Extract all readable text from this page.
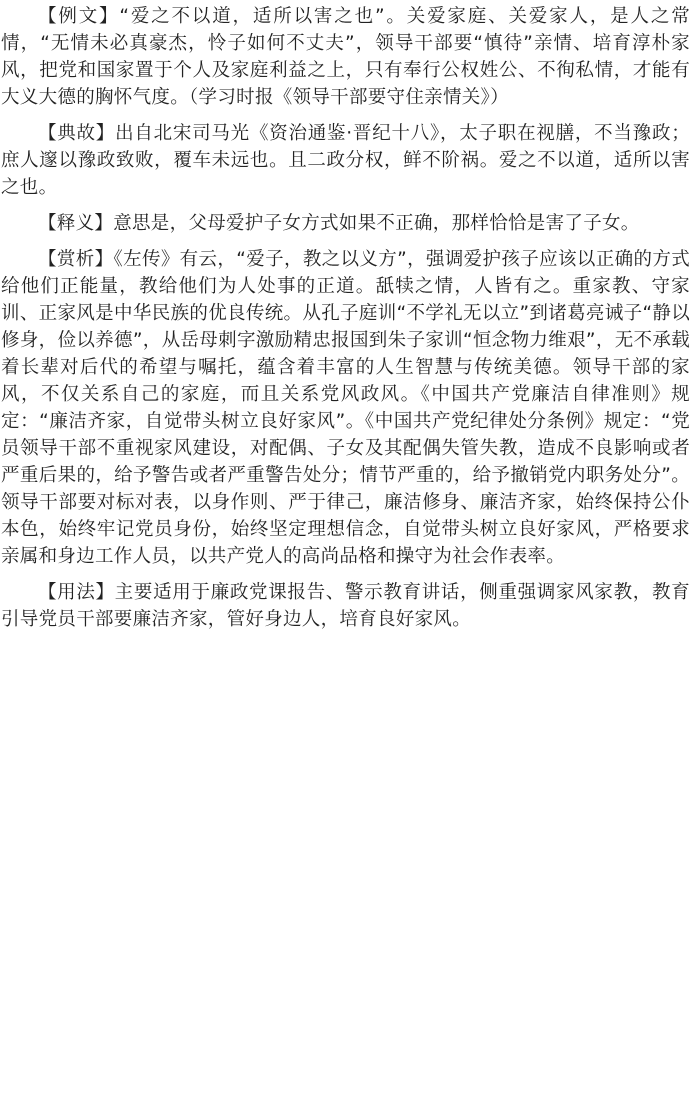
【例文】“爱之不以道，适所以害之也”。关爱家庭、关爱家人，是人之常情，“无情未必真豪杰，怜子如何不丈夫”，领导干部要“慎待”亲情、培育淳朴家风，把党和国家置于个人及家庭利益之上，只有奉行公权姓公、不徇私情，才能有大义大德的胸怀气度。（学习时报《领导干部要守住亲情关》）

【典故】出自北宋司马光《资治通鉴·晋纪十八》，太子职在视膳，不当豫政；庶人邃以豫政致败，覆车未远也。且二政分权，鲜不阶祸。爱之不以道，适所以害之也。

【释义】意思是，父母爱护子女方式如果不正确，那样恰恰是害了子女。

【赏析】《左传》有云，“爱子，教之以义方”，强调爱护孩子应该以正确的方式给他们正能量，教给他们为人处事的正道。舐犊之情，人皆有之。重家教、守家训、正家风是中华民族的优良传统。从孔子庭训“不学礼无以立”到诸葛亮诫子“静以修身，俭以养德”，从岳母刺字激励精忠报国到朱子家训“恒念物力维艰”，无不承载着长辈对后代的希望与嘱托，蕴含着丰富的人生智慧与传统美德。领导干部的家风，不仅关系自己的家庭，而且关系党风政风。《中国共产党廉洁自律准则》规定：“廉洁齐家，自觉带头树立良好家风”。《中国共产党纪律处分条例》规定：“党员领导干部不重视家风建设，对配偶、子女及其配偶失管失教，造成不良影响或者严重后果的，给予警告或者严重警告处分；情节严重的，给予撤销党内职务处分”。领导干部要对标对表，以身作则、严于律己，廉洁修身、廉洁齐家，始终保持公仆本色，始终牢记党员身份，始终坚定理想信念，自觉带头树立良好家风，严格要求亲属和身边工作人员，以共产党人的高尚品格和操守为社会作表率。

【用法】主要适用于廉政党课报告、警示教育讲话，侧重强调家风家教，教育引导党员干部要廉洁齐家，管好身边人，培育良好家风。
